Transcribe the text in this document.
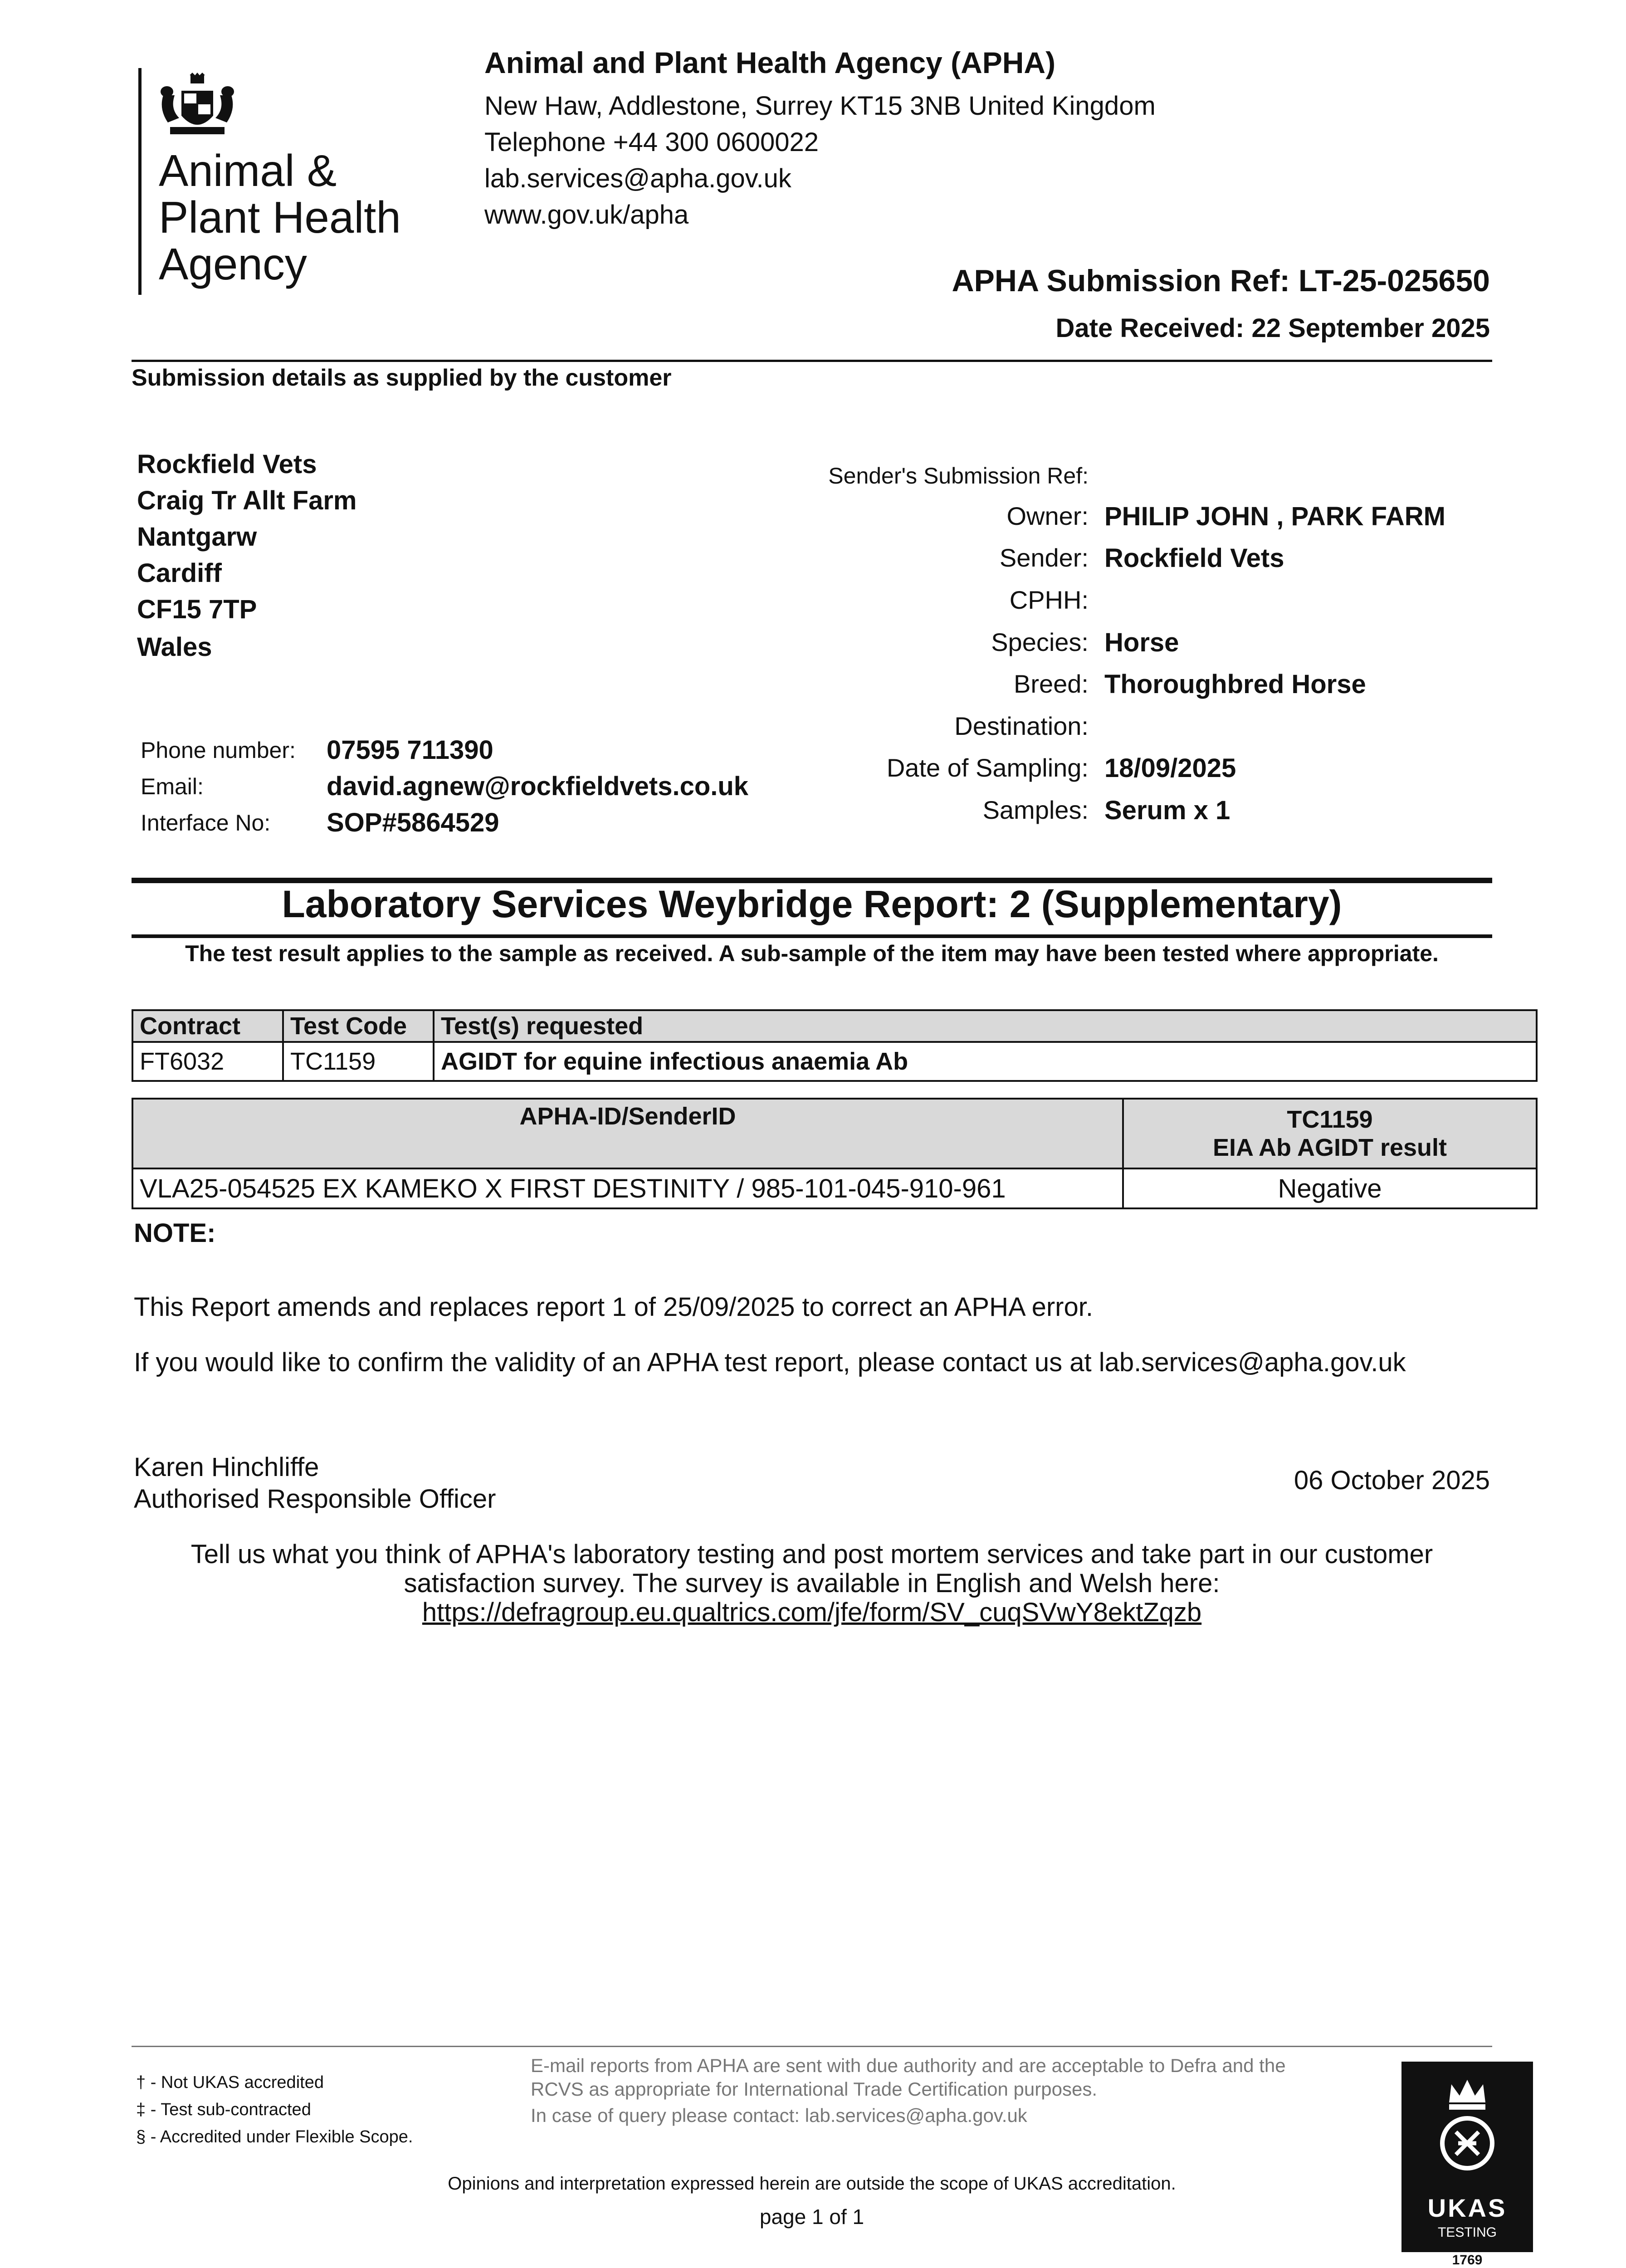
Animal &
Plant Health
Agency
Animal and Plant Health Agency (APHA)
New Haw, Addlestone, Surrey KT15 3NB United Kingdom
Telephone +44 300 0600022
lab.services@apha.gov.uk
www.gov.uk/apha
APHA Submission Ref: LT-25-025650
Date Received: 22 September 2025
Submission details as supplied by the customer
Rockfield Vets
Craig Tr Allt Farm
Nantgarw
Cardiff
CF15 7TP
Wales
Phone number: 07595 711390
Email:	david.agnew@rockfieldvets.co.uk
Interface No: SOP#5864529
Sender's Submission Ref:
Owner: PHILIP JOHN , PARK FARM
Sender: Rockfield Vets
CPHH:
Species: Horse
Breed: Thoroughbred Horse
Destination:
Date of Sampling: 18/09/2025
Samples: Serum x 1
Laboratory Services Weybridge Report: 2 (Supplementary)
The test result applies to the sample as received. A sub-sample of the item may have been tested where appropriate.
Contract	Test Code	Test(s) requested
FT6032	TC1159	AGIDT for equine infectious anaemia Ab
APHA-ID/SenderID	TC1159
EIA Ab AGIDT result

VLA25-054525 EX KAMEKO X FIRST DESTINITY / 985-101-045-910-961	Negative
NOTE:
This Report amends and replaces report 1 of 25/09/2025 to correct an APHA error.
If you would like to confirm the validity of an APHA test report, please contact us at lab.services@apha.gov.uk
Karen Hinchliffe
Authorised Responsible Officer
06 October 2025
Tell us what you think of APHA's laboratory testing and post mortem services and take part in our customer
satisfaction survey. The survey is available in English and Welsh here:
https://defragroup.eu.qualtrics.com/jfe/form/SV_cuqSVwY8ektZqzb
† - Not UKAS accredited
‡ - Test sub-contracted
§ - Accredited under Flexible Scope.
E-mail reports from APHA are sent with due authority and are acceptable to Defra and the RCVS as appropriate for International Trade Certification purposes.
In case of query please contact: lab.services@apha.gov.uk
Opinions and interpretation expressed herein are outside the scope of UKAS accreditation.
page 1 of 1	UKAS
TESTING
1769
